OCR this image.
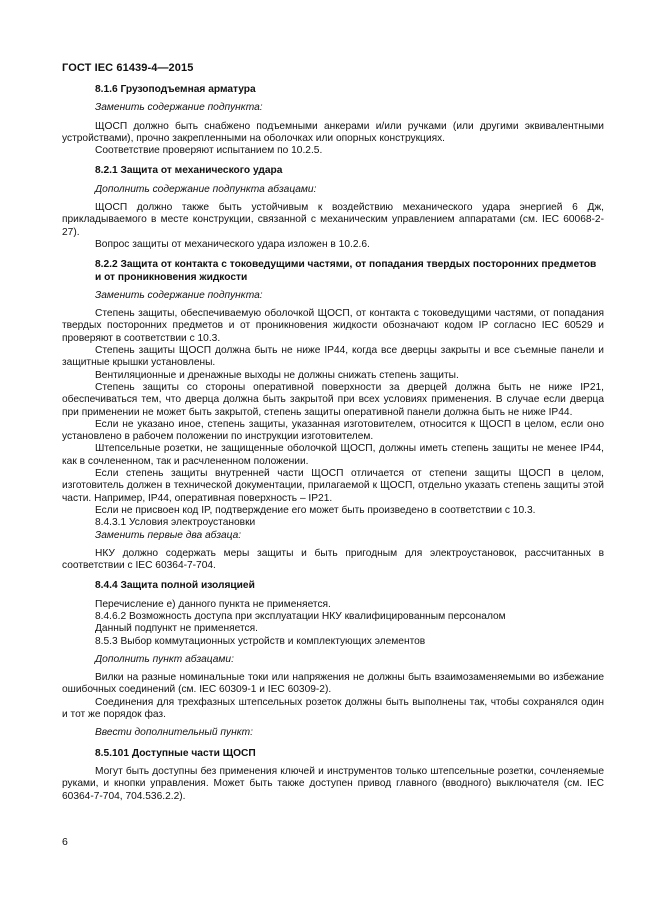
ГОСТ IEC 61439-4—2015

8.1.6 Грузоподъемная арматура

Заменить содержание подпункта:

ЩОСП должно быть снабжено подъемными анкерами и/или ручками (или другими эквивалентными устройствами), прочно закрепленными на оболочках или опорных конструкциях.

Соответствие проверяют испытанием по 10.2.5.

8.2.1 Защита от механического удара

Дополнить содержание подпункта абзацами:

ЩОСП должно также быть устойчивым к воздействию механического удара энергией 6 Дж, прикладываемого в месте конструкции, связанной с механическим управлением аппаратами (см. IEC 60068-2-27).

Вопрос защиты от механического удара изложен в 10.2.6.

8.2.2 Защита от контакта с токоведущими частями, от попадания твердых посторонних предметов и от проникновения жидкости

Заменить содержание подпункта:

Степень защиты, обеспечиваемую оболочкой ЩОСП, от контакта с токоведущими частями, от попадания твердых посторонних предметов и от проникновения жидкости обозначают кодом IP согласно IEC 60529 и проверяют в соответствии с 10.3.

Степень защиты ЩОСП должна быть не ниже IP44, когда все дверцы закрыты и все съемные панели и защитные крышки установлены.

Вентиляционные и дренажные выходы не должны снижать степень защиты.

Степень защиты со стороны оперативной поверхности за дверцей должна быть не ниже IP21, обеспечиваться тем, что дверца должна быть закрытой при всех условиях применения. В случае если дверца при применении не может быть закрытой, степень защиты оперативной панели должна быть не ниже IP44.

Если не указано иное, степень защиты, указанная изготовителем, относится к ЩОСП в целом, если оно установлено в рабочем положении по инструкции изготовителем.

Штепсельные розетки, не защищенные оболочкой ЩОСП, должны иметь степень защиты не менее IP44, как в сочлененном, так и расчлененном положении.

Если степень защиты внутренней части ЩОСП отличается от степени защиты ЩОСП в целом, изготовитель должен в технической документации, прилагаемой к ЩОСП, отдельно указать степень защиты этой части. Например, IP44, оперативная поверхность – IP21.

Если не присвоен код IP, подтверждение его может быть произведено в соответствии с 10.3.

8.4.3.1 Условия электроустановки

Заменить первые два абзаца:

НКУ должно содержать меры защиты и быть пригодным для электроустановок, рассчитанных в соответствии с IEC 60364-7-704.

8.4.4 Защита полной изоляцией

Перечисление е) данного пункта не применяется.

8.4.6.2 Возможность доступа при эксплуатации НКУ квалифицированным персоналом

Данный подпункт не применяется.

8.5.3 Выбор коммутационных устройств и комплектующих элементов

Дополнить пункт абзацами:

Вилки на разные номинальные токи или напряжения не должны быть взаимозаменяемыми во избежание ошибочных соединений (см. IEC 60309-1 и IEC 60309-2).

Соединения для трехфазных штепсельных розеток должны быть выполнены так, чтобы сохранялся один и тот же порядок фаз.

Ввести дополнительный пункт:

8.5.101 Доступные части ЩОСП

Могут быть доступны без применения ключей и инструментов только штепсельные розетки, сочленяемые руками, и кнопки управления. Может быть также доступен привод главного (вводного) выключателя (см. IEC 60364-7-704, 704.536.2.2).

6
